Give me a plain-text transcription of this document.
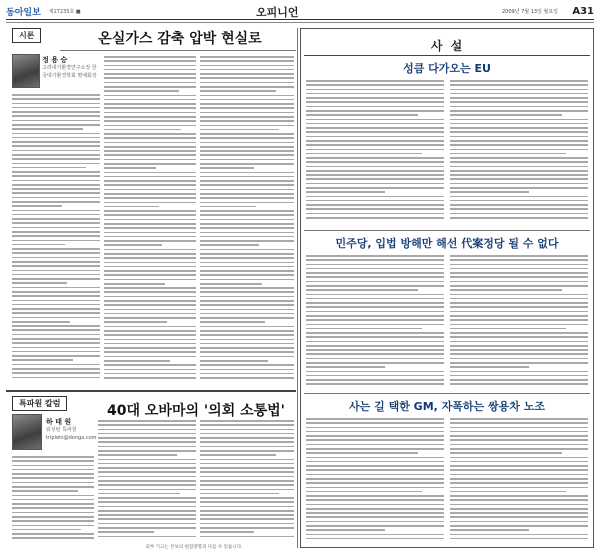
동아일보 제27235호 ■	오피니언	2009년 7월 13일 월요일 A31
시론	온실가스 감축 압박 현실로
정 용 승
고려대기환경연구소장 한국대기환경학회 명예회장
특파원 칼럼	40대 오바마의 '의회 소통법'
하 태 원
워싱턴 특파원
triplets@donga.com
외부 기고는 본보의 편집방향과 다를 수 있습니다.
사 설
성큼 다가오는 EU
민주당, 입법 방해만 해선 代案정당 될 수 없다
사는 길 택한 GM, 자폭하는 쌍용차 노조
